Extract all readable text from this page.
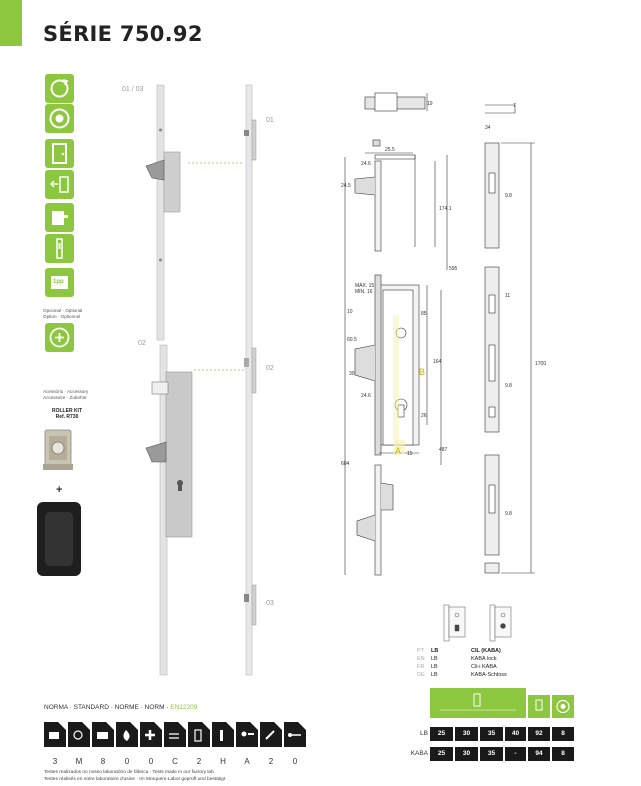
SÉRIE 750.92
1pp
Opcional · Optional
Option · Optionnel
Acessório · Accessory
Accessoire · Zubehör
ROLLER KIT
Ref. R730
+
01 / 03
02
01
02
03
19	7
34
25.5
24.6
24.5
174.1
595
1700
9.8
11
9.8
9.8
164
85
26
487
604
15
60.5
30
24.6
MÁX. 15
MÍN. 16
10
A
B
PT LB	CIL (KABA)
EN LB	KABA lock
FR LB	Cil-i KABA
DE LB	KABA-Schloss
LB	25	30	35	40	92	8
KABA	25	30	35	-	94	8
NORMA · STANDARD · NORME · NORM · EN12209
3	M	8	0	0	C	2	H	A	2	0
Testes realizados no nosso laboratório de fábrica · Tests made in our factory lab
Testes réalisés en notre laboratoire d'usine · Im Morquem-Labor geprüft und bestätigt
